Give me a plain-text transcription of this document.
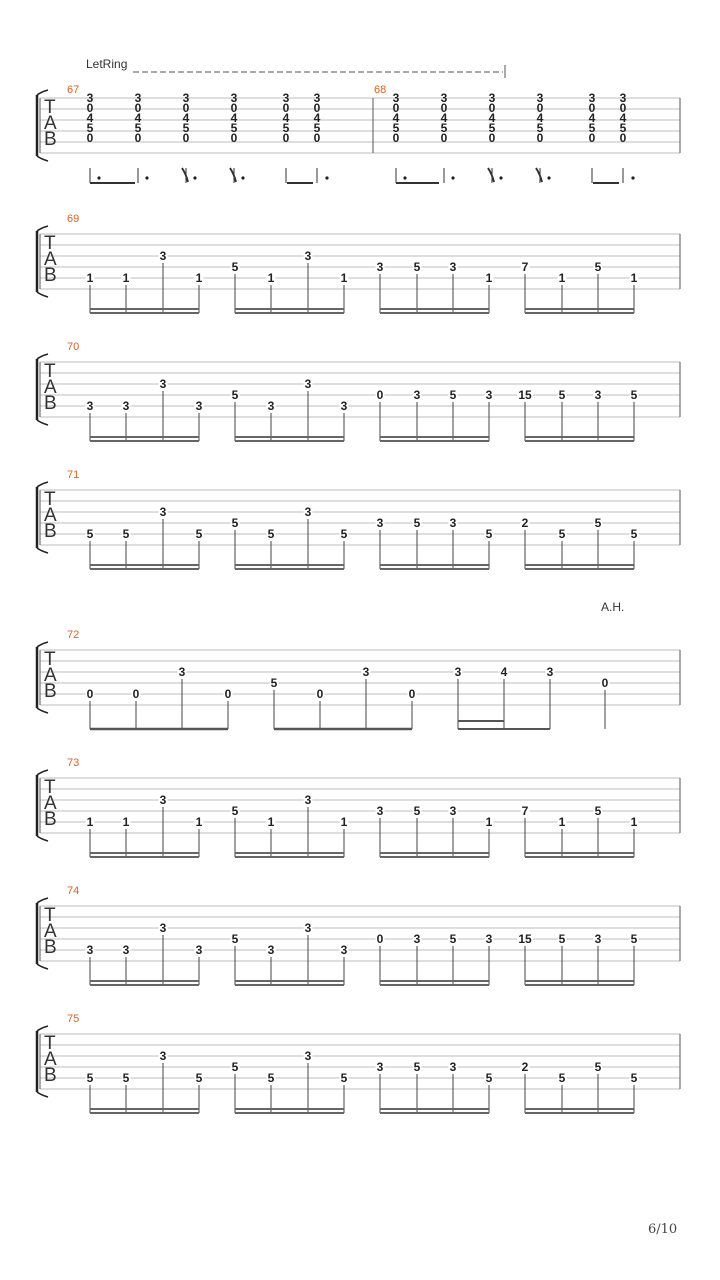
LetRing
T
A
B
67
3
0
4
5
0
3
0
4
5
0
3
0
4
5
0
3
0
4
5
0
3
0
4
5
0
3
0
4
5
0
68
3
0
4
5
0
3
0
4
5
0
3
0
4
5
0
3
0
4
5
0
3
0
4
5
0
3
0
4
5
0
T
A
B
69
1 1
3
1
5
1
3
1
3	5 3
1
7
1
5
1
T
A
B
70
3 3
3
3
5
3
3
3
0	3 5 3 15 5 3 5
T
A
B
71
5 5
3
5
5
5
3
5
3	5 3
5
2
5
5
5
T
A
B
72
A.H.
0	0
3
0
5
0
3
0
3	4	3
0
T
A
B
73
1 1
3
1
5
1
3
1
3	5 3
1
7
1
5
1
T
A
B
74
3 3
3
3
5
3
3
3
0	3 5 3 15 5 3 5
T
A
B
75
5 5
3
5
5
5
3
5
3	5 3
5
2
5
5
5
6/10
